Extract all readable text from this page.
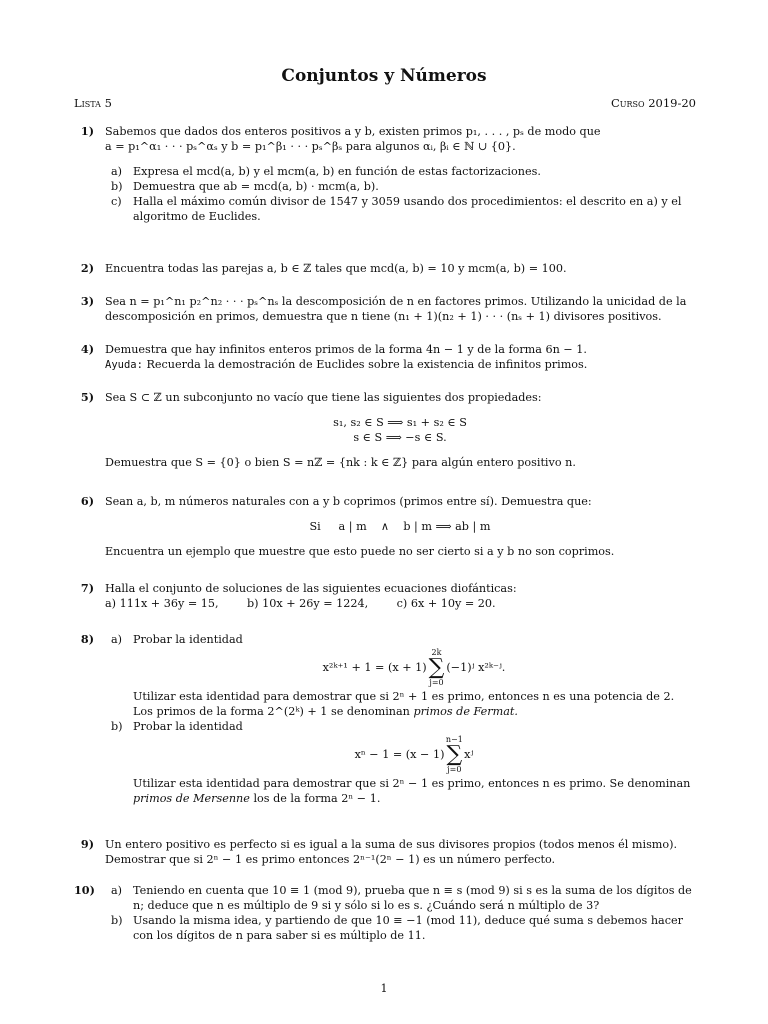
Conjuntos y Números
Lista 5	Curso 2019-20
1) Sabemos que dados dos enteros positivos a y b, existen primos p₁, . . . , pₛ de modo que
a = p₁^α₁ · · · pₛ^αₛ y b = p₁^β₁ · · · pₛ^βₛ para algunos αᵢ, βᵢ ∈ ℕ ∪ {0}.
a) Expresa el mcd(a, b) y el mcm(a, b) en función de estas factorizaciones.
b) Demuestra que ab = mcd(a, b) · mcm(a, b).
c) Halla el máximo común divisor de 1547 y 3059 usando dos procedimientos: el descrito en a) y el algoritmo de Euclides.
2) Encuentra todas las parejas a, b ∈ ℤ tales que mcd(a, b) = 10 y mcm(a, b) = 100.
3) Sea n = p₁^n₁ p₂^n₂ · · · pₛ^nₛ la descomposición de n en factores primos. Utilizando la unicidad de la descomposición en primos, demuestra que n tiene (n₁ + 1)(n₂ + 1) · · · (nₛ + 1) divisores positivos.
4) Demuestra que hay infinitos enteros primos de la forma 4n − 1 y de la forma 6n − 1.
Ayuda: Recuerda la demostración de Euclides sobre la existencia de infinitos primos.
5) Sea S ⊂ ℤ un subconjunto no vacío que tiene las siguientes dos propiedades:
s₁, s₂ ∈ S ⟹ s₁ + s₂ ∈ S
s ∈ S ⟹ −s ∈ S.
Demuestra que S = {0} o bien S = nℤ = {nk : k ∈ ℤ} para algún entero positivo n.
6) Sean a, b, m números naturales con a y b coprimos (primos entre sí). Demuestra que:
Si     a | m    ∧    b | m ⟹ ab | m
Encuentra un ejemplo que muestre que esto puede no ser cierto si a y b no son coprimos.
7) Halla el conjunto de soluciones de las siguientes ecuaciones diofánticas:
a) 111x + 36y = 15,        b) 10x + 26y = 1224,        c) 6x + 10y = 20.
8) a) Probar la identidad
x²ᵏ⁺¹ + 1 = (x + 1)∑
2k
j=0
(−1)ʲ x²ᵏ⁻ʲ.
Utilizar esta identidad para demostrar que si 2ⁿ + 1 es primo, entonces n es una potencia de 2. Los primos de la forma 2^(2ᵏ) + 1 se denominan primos de Fermat.
b) Probar la identidad
xⁿ − 1 = (x − 1)∑
n−1
j=0
xʲ
Utilizar esta identidad para demostrar que si 2ⁿ − 1 es primo, entonces n es primo. Se denominan primos de Mersenne los de la forma 2ⁿ − 1.
9) Un entero positivo es perfecto si es igual a la suma de sus divisores propios (todos menos él mismo). Demostrar que si 2ⁿ − 1 es primo entonces 2ⁿ⁻¹(2ⁿ − 1) es un número perfecto.
10) a) Teniendo en cuenta que 10 ≡ 1 (mod 9), prueba que n ≡ s (mod 9) si s es la suma de los dígitos de n; deduce que n es múltiplo de 9 si y sólo si lo es s. ¿Cuándo será n múltiplo de 3?
b) Usando la misma idea, y partiendo de que 10 ≡ −1 (mod 11), deduce qué suma s debemos hacer con los dígitos de n para saber si es múltiplo de 11.
1
